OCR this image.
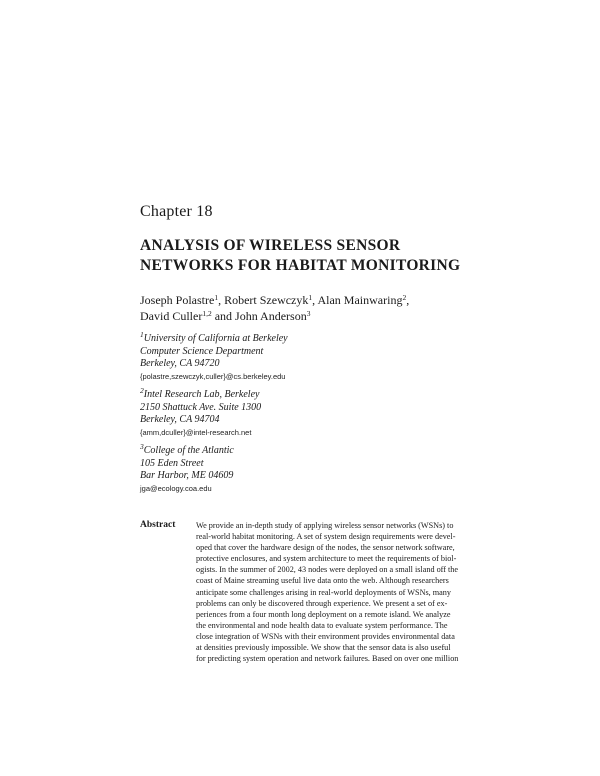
Chapter 18
ANALYSIS OF WIRELESS SENSOR
NETWORKS FOR HABITAT MONITORING
Joseph Polastre$^1$, Robert Szewczyk$^1$, Alan Mainwaring$^2$,
David Culler$^{1,2}$ and John Anderson$^3$
$^1$University of California at Berkeley
Computer Science Department
Berkeley, CA 94720
{polastre,szewczyk,culler}@cs.berkeley.edu
$^2$Intel Research Lab, Berkeley
2150 Shattuck Ave. Suite 1300
Berkeley, CA 94704
{amm,dculler}@intel-research.net
$^3$College of the Atlantic
105 Eden Street
Bar Harbor, ME 04609
jga@ecology.coa.edu
Abstract	We provide an in-depth study of applying wireless sensor networks (WSNs) to
real-world habitat monitoring. A set of system design requirements were devel-
oped that cover the hardware design of the nodes, the sensor network software,
protective enclosures, and system architecture to meet the requirements of biol-
ogists. In the summer of 2002, 43 nodes were deployed on a small island off the
coast of Maine streaming useful live data onto the web. Although researchers
anticipate some challenges arising in real-world deployments of WSNs, many
problems can only be discovered through experience. We present a set of ex-
periences from a four month long deployment on a remote island. We analyze
the environmental and node health data to evaluate system performance. The
close integration of WSNs with their environment provides environmental data
at densities previously impossible. We show that the sensor data is also useful
for predicting system operation and network failures. Based on over one million
